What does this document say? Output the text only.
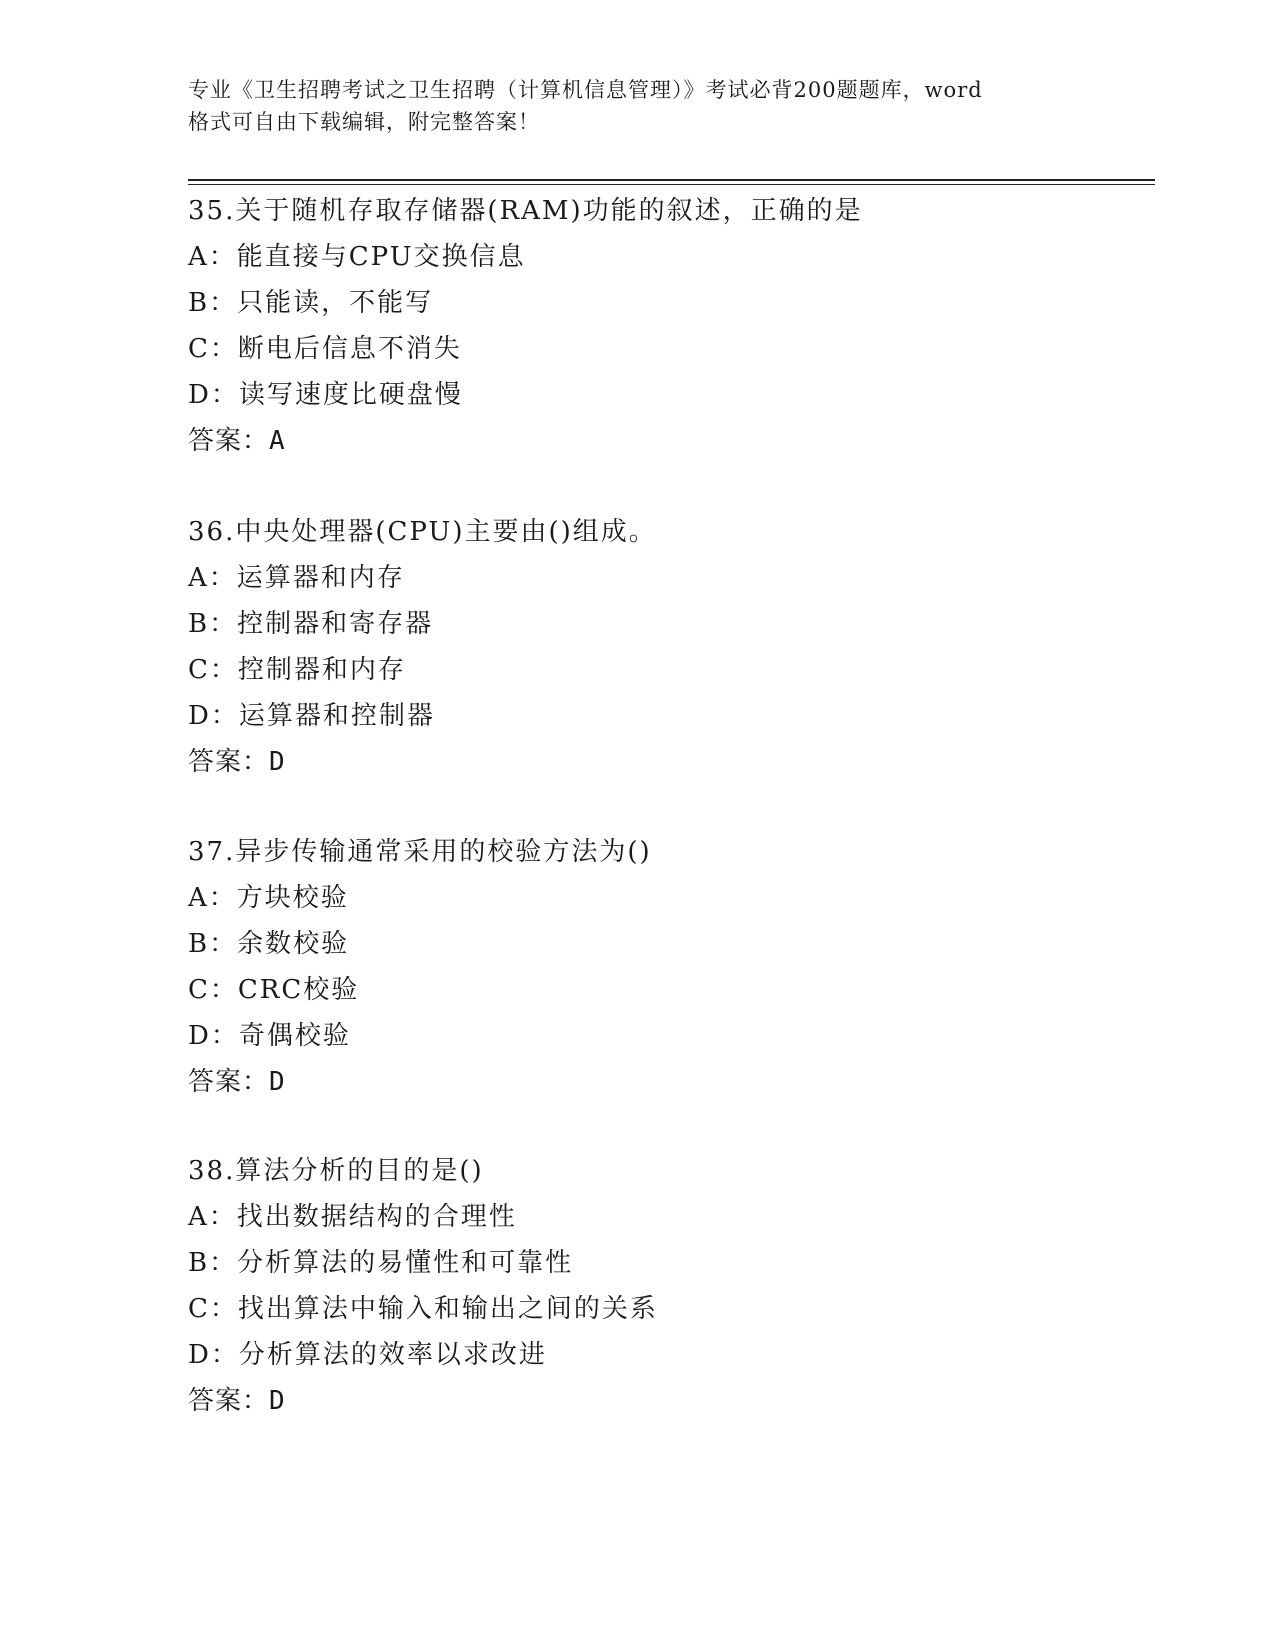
专业《卫生招聘考试之卫生招聘（计算机信息管理）》考试必背200题题库，word
格式可自由下载编辑，附完整答案！
35.关于随机存取存储器(RAM)功能的叙述，正确的是
A：能直接与CPU交换信息
B：只能读，不能写
C：断电后信息不消失
D：读写速度比硬盘慢
答案：A
36.中央处理器(CPU)主要由()组成。
A：运算器和内存
B：控制器和寄存器
C：控制器和内存
D：运算器和控制器
答案：D
37.异步传输通常采用的校验方法为()
A：方块校验
B：余数校验
C：CRC校验
D：奇偶校验
答案：D
38.算法分析的目的是()
A：找出数据结构的合理性
B：分析算法的易懂性和可靠性
C：找出算法中输入和输出之间的关系
D：分析算法的效率以求改进
答案：D
